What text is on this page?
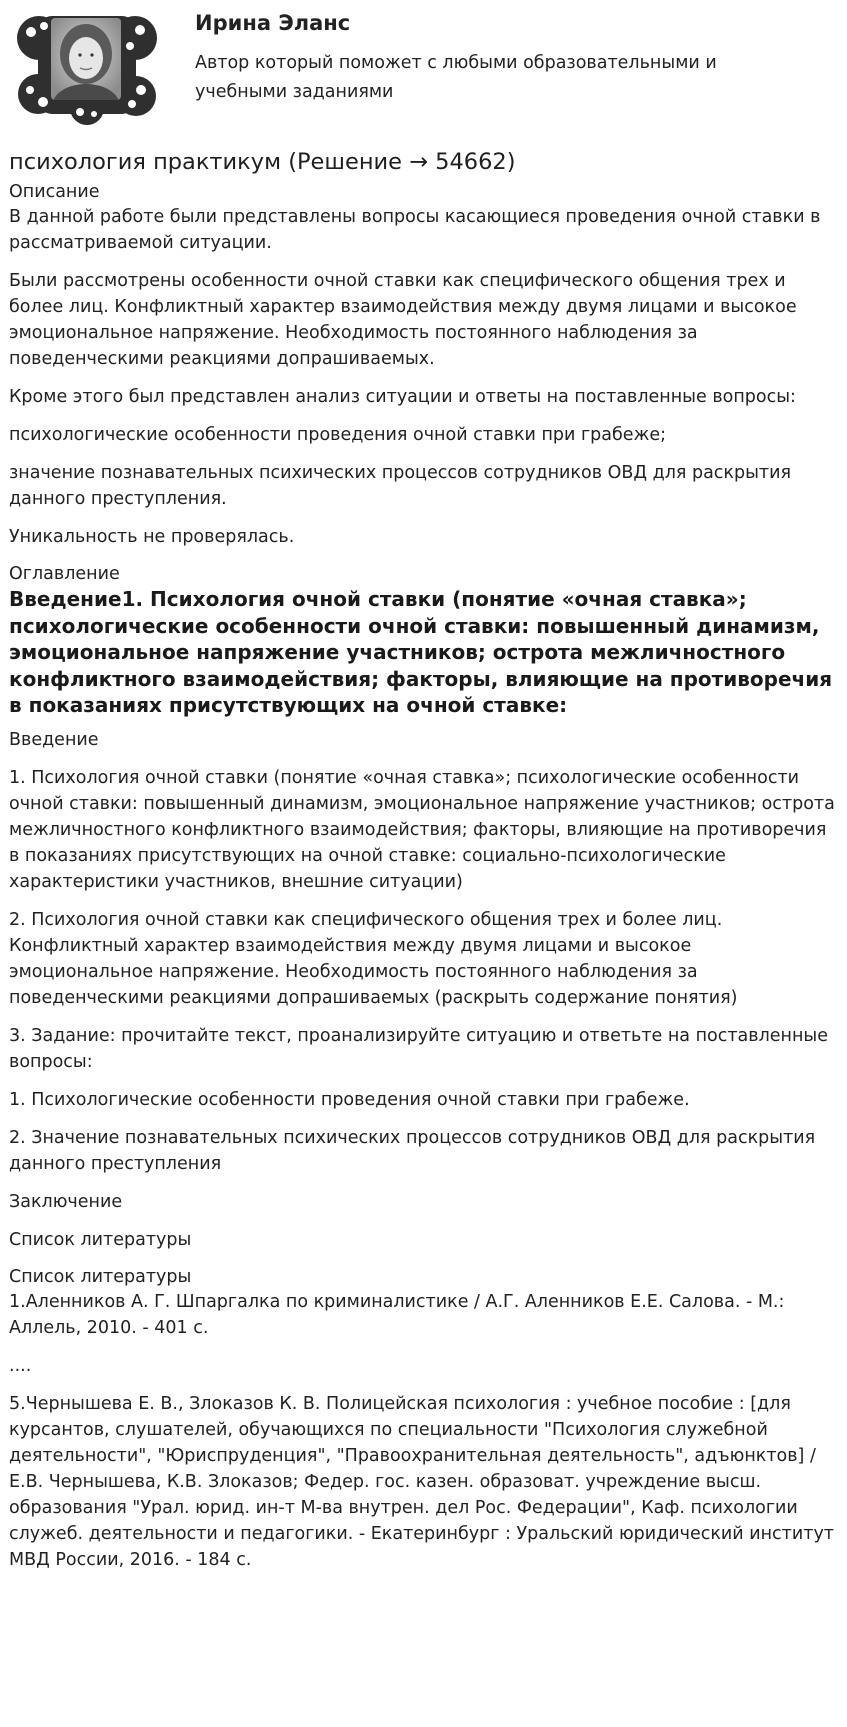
Ирина Эланс
Автор который поможет с любыми образовательными и учебными заданиями
психология практикум (Решение → 54662)
Описание

В данной работе были представлены вопросы касающиеся проведения очной ставки в рассматриваемой ситуации.

Были рассмотрены особенности очной ставки как специфического общения трех и более лиц. Конфликтный характер взаимодействия между двумя лицами и высокое эмоциональное напряжение. Необходимость постоянного наблюдения за поведенческими реакциями допрашиваемых.

Кроме этого был представлен анализ ситуации и ответы на поставленные вопросы:

психологические особенности проведения очной ставки при грабеже;

значение познавательных психических процессов сотрудников ОВД для раскрытия данного преступления.

Уникальность не проверялась.

Оглавление
Введение1. Психология очной ставки (понятие «очная ставка»; психологические особенности очной ставки: повышенный динамизм, эмоциональное напряжение участников; острота межличностного конфликтного взаимодействия; факторы, влияющие на противоречия в показаниях присутствующих на очной ставке:

Введение

1. Психология очной ставки (понятие «очная ставка»; психологические особенности очной ставки: повышенный динамизм, эмоциональное напряжение участников; острота межличностного конфликтного взаимодействия; факторы, влияющие на противоречия в показаниях присутствующих на очной ставке: социально-психологические характеристики участников, внешние ситуации)

2. Психология очной ставки как специфического общения трех и более лиц. Конфликтный характер взаимодействия между двумя лицами и высокое эмоциональное напряжение. Необходимость постоянного наблюдения за поведенческими реакциями допрашиваемых (раскрыть содержание понятия)

3. Задание: прочитайте текст, проанализируйте ситуацию и ответьте на поставленные вопросы:

1. Психологические особенности проведения очной ставки при грабеже.

2. Значение познавательных психических процессов сотрудников ОВД для раскрытия данного преступления

Заключение

Список литературы

Список литературы

1.Аленников А. Г. Шпаргалка по криминалистике / А.Г. Аленников Е.Е. Салова. - М.: Аллель, 2010. - 401 с.

....

5.Чернышева Е. В., Злоказов К. В. Полицейская психология : учебное пособие : [для курсантов, слушателей, обучающихся по специальности "Психология служебной деятельности", "Юриспруденция", "Правоохранительная деятельность", адъюнктов] / Е.В. Чернышева, К.В. Злоказов; Федер. гос. казен. образоват. учреждение высш. образования "Урал. юрид. ин-т М-ва внутрен. дел Рос. Федерации", Каф. психологии служеб. деятельности и педагогики. - Екатеринбург : Уральский юридический институт МВД России, 2016. - 184 с.
